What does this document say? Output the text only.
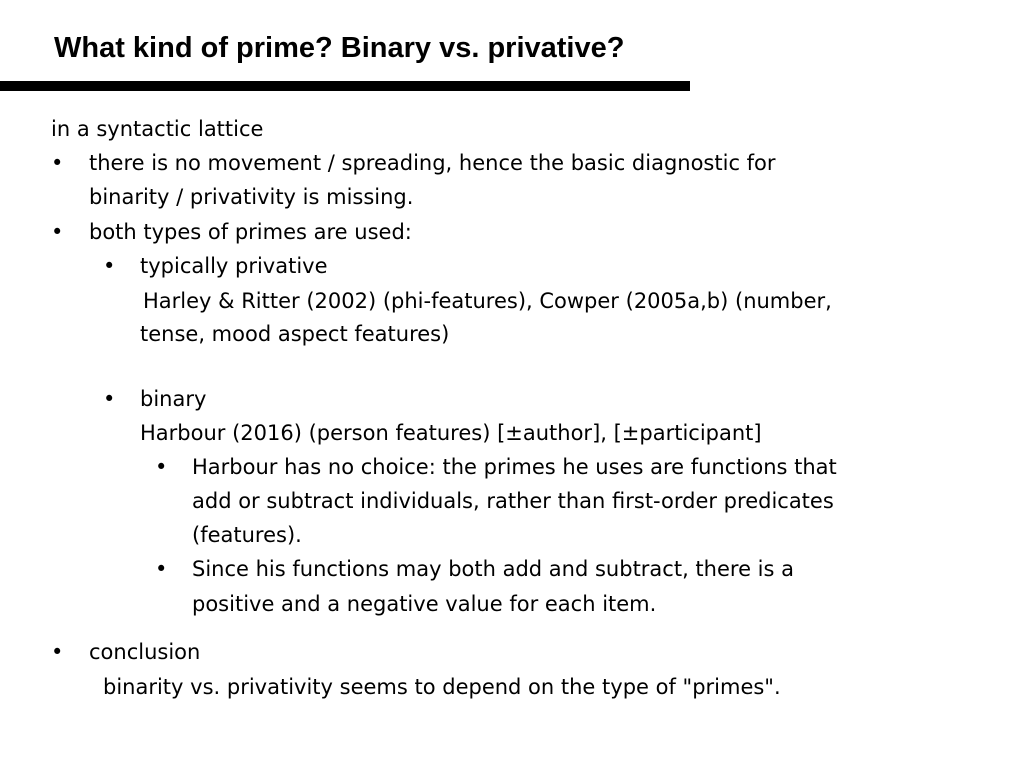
What kind of prime? Binary vs. privative?
in a syntactic lattice
• there is no movement / spreading, hence the basic diagnostic for
binarity / privativity is missing.
• both types of primes are used:
• typically privative
Harley & Ritter (2002) (phi-features), Cowper (2005a,b) (number,
tense, mood aspect features)
• binary
Harbour (2016) (person features) [±author], [±participant]
• Harbour has no choice: the primes he uses are functions that
add or subtract individuals, rather than first-order predicates
(features).
• Since his functions may both add and subtract, there is a
positive and a negative value for each item.
• conclusion
binarity vs. privativity seems to depend on the type of "primes".
